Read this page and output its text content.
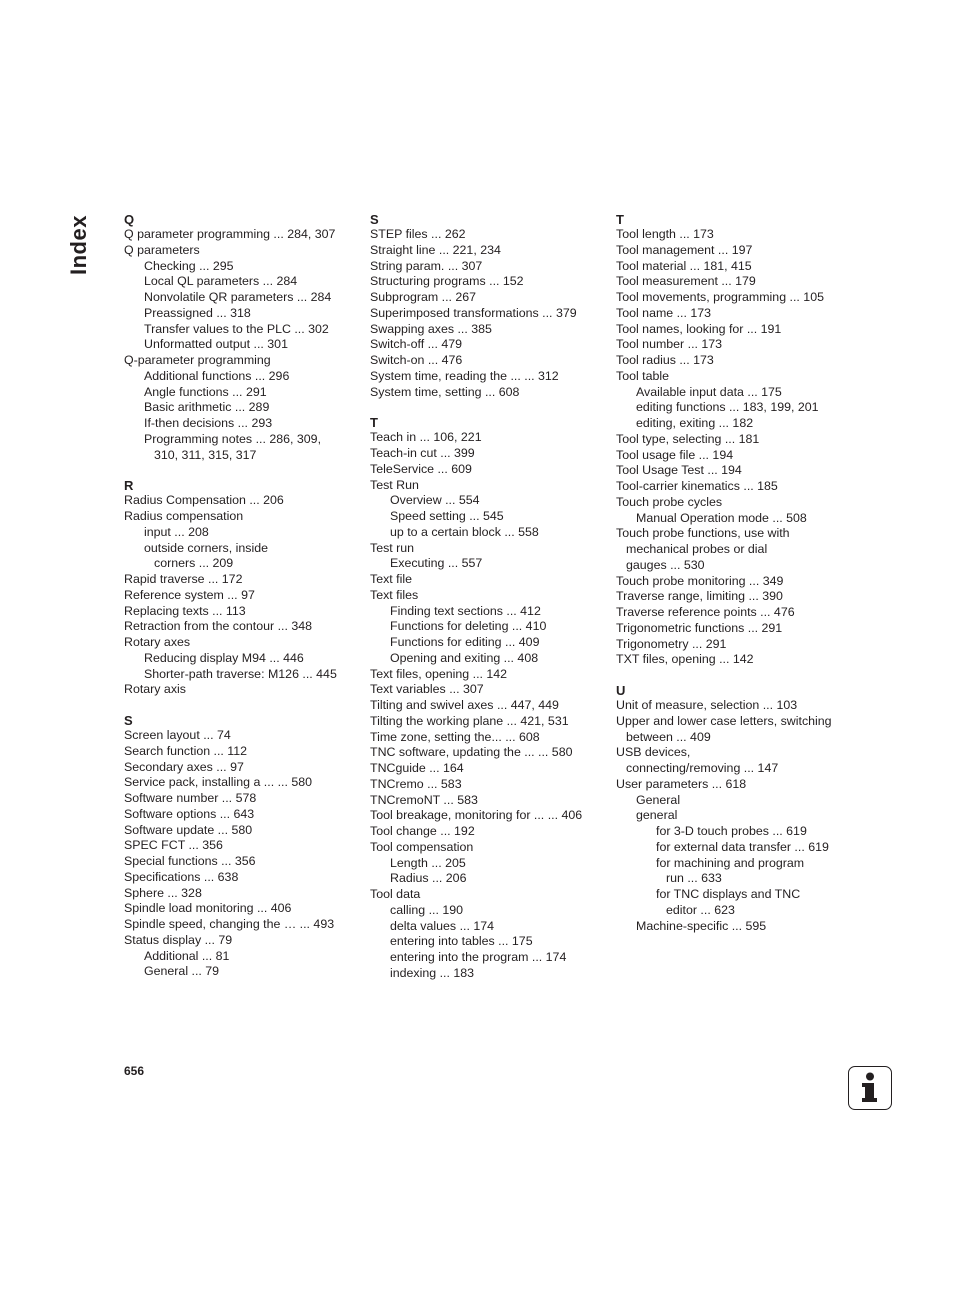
Index	Q
Q parameter programming ... 284, 307
Q parameters
Checking ... 295
Local QL parameters ... 284
Nonvolatile QR parameters ... 284
Preassigned ... 318
Transfer values to the PLC ... 302
Unformatted output ... 301
Q-parameter programming
Additional functions ... 296
Angle functions ... 291
Basic arithmetic ... 289
If-then decisions ... 293
Programming notes ... 286, 309,
310, 311, 315, 317
R
Radius Compensation ... 206
Radius compensation
input ... 208
outside corners, inside
corners ... 209
Rapid traverse ... 172
Reference system ... 97
Replacing texts ... 113
Retraction from the contour ... 348
Rotary axes
Reducing display M94 ... 446
Shorter-path traverse: M126 ... 445
Rotary axis
S
Screen layout ... 74
Search function ... 112
Secondary axes ... 97
Service pack, installing a ... ... 580
Software number ... 578
Software options ... 643
Software update ... 580
SPEC FCT ... 356
Special functions ... 356
Specifications ... 638
Sphere ... 328
Spindle load monitoring ... 406
Spindle speed, changing the … ... 493
Status display ... 79
Additional ... 81
General ... 79
S
STEP files ... 262
Straight line ... 221, 234
String param. ... 307
Structuring programs ... 152
Subprogram ... 267
Superimposed transformations ... 379
Swapping axes ... 385
Switch-off ... 479
Switch-on ... 476
System time, reading the ... ... 312
System time, setting ... 608
T
Teach in ... 106, 221
Teach-in cut ... 399
TeleService ... 609
Test Run
Overview ... 554
Speed setting ... 545
up to a certain block ... 558
Test run
Executing ... 557
Text file
Text files
Finding text sections ... 412
Functions for deleting ... 410
Functions for editing ... 409
Opening and exiting ... 408
Text files, opening ... 142
Text variables ... 307
Tilting and swivel axes ... 447, 449
Tilting the working plane ... 421, 531
Time zone, setting the... ... 608
TNC software, updating the ... ... 580
TNCguide ... 164
TNCremo ... 583
TNCremoNT ... 583
Tool breakage, monitoring for ... ... 406
Tool change ... 192
Tool compensation
Length ... 205
Radius ... 206
Tool data
calling ... 190
delta values ... 174
entering into tables ... 175
entering into the program ... 174
indexing ... 183
T
Tool length ... 173
Tool management ... 197
Tool material ... 181, 415
Tool measurement ... 179
Tool movements, programming ... 105
Tool name ... 173
Tool names, looking for ... 191
Tool number ... 173
Tool radius ... 173
Tool table
Available input data ... 175
editing functions ... 183, 199, 201
editing, exiting ... 182
Tool type, selecting ... 181
Tool usage file ... 194
Tool Usage Test ... 194
Tool-carrier kinematics ... 185
Touch probe cycles
Manual Operation mode ... 508
Touch probe functions, use with
mechanical probes or dial
gauges ... 530
Touch probe monitoring ... 349
Traverse range, limiting ... 390
Traverse reference points ... 476
Trigonometric functions ... 291
Trigonometry ... 291
TXT files, opening ... 142
U
Unit of measure, selection ... 103
Upper and lower case letters, switching
between ... 409
USB devices,
connecting/removing ... 147
User parameters ... 618
General
general
for 3-D touch probes ... 619
for external data transfer ... 619
for machining and program
run ... 633
for TNC displays and TNC
editor ... 623
Machine-specific ... 595
656
